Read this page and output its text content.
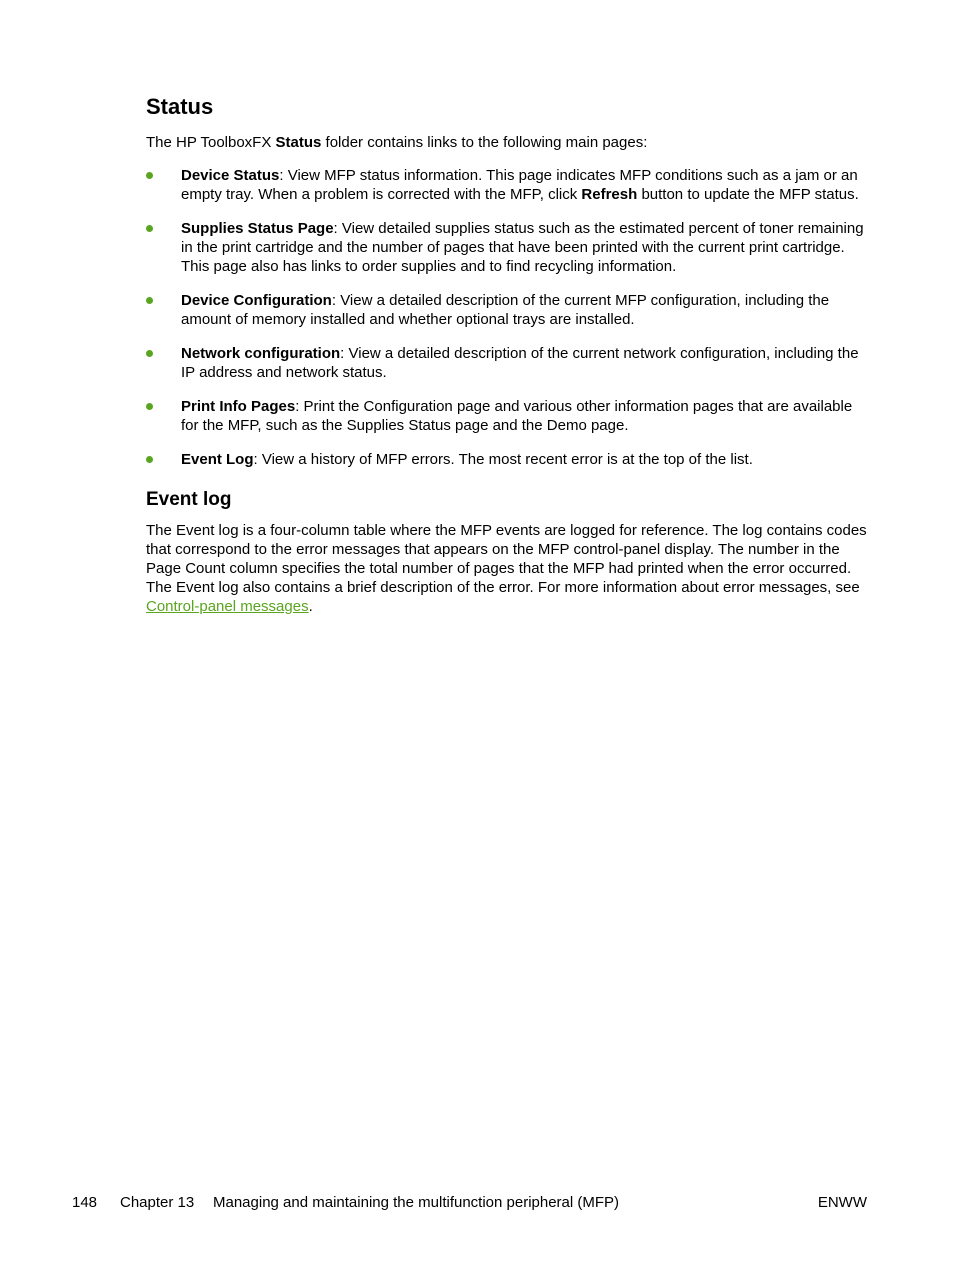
Status

The HP ToolboxFX Status folder contains links to the following main pages:

Device Status: View MFP status information. This page indicates MFP conditions such as a jam or an empty tray. When a problem is corrected with the MFP, click Refresh button to update the MFP status.
Supplies Status Page: View detailed supplies status such as the estimated percent of toner remaining in the print cartridge and the number of pages that have been printed with the current print cartridge. This page also has links to order supplies and to find recycling information.
Device Configuration: View a detailed description of the current MFP configuration, including the amount of memory installed and whether optional trays are installed.
Network configuration: View a detailed description of the current network configuration, including the IP address and network status.
Print Info Pages: Print the Configuration page and various other information pages that are available for the MFP, such as the Supplies Status page and the Demo page.
Event Log: View a history of MFP errors. The most recent error is at the top of the list.
Event log

The Event log is a four-column table where the MFP events are logged for reference. The log contains codes that correspond to the error messages that appears on the MFP control-panel display. The number in the Page Count column specifies the total number of pages that the MFP had printed when the error occurred. The Event log also contains a brief description of the error. For more information about error messages, see Control-panel messages.

148 Chapter 13 Managing and maintaining the multifunction peripheral (MFP)	ENWW
